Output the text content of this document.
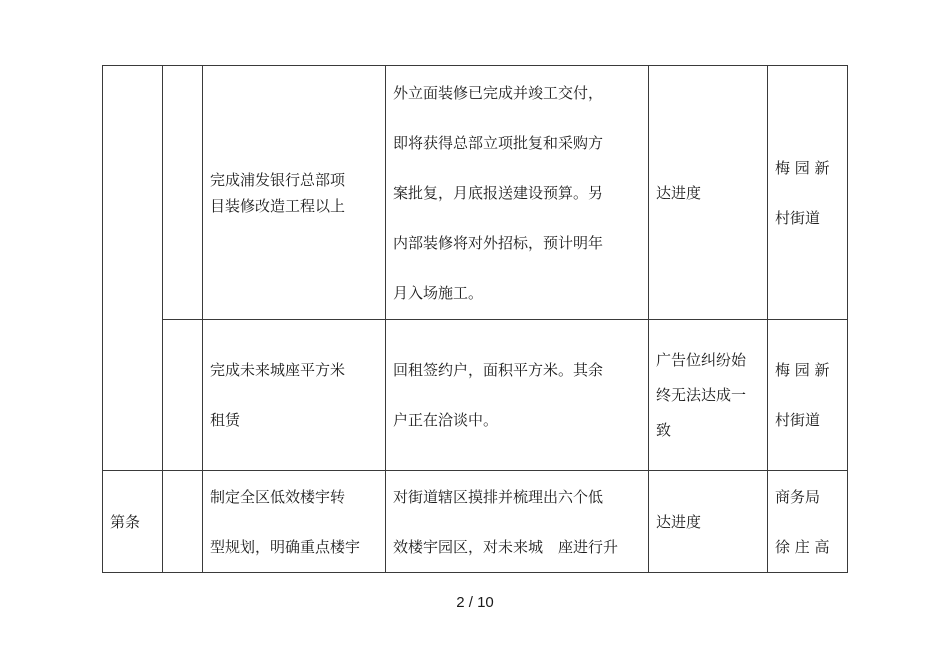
		完成浦发银行总部项
目装修改造工程以上	外立面装修已完成并竣工交付，
即将获得总部立项批复和采购方
案批复，月底报送建设预算。另
内部装修将对外招标，预计明年
月入场施工。	达进度	梅 园 新
村街道

		完成未来城座平方米
租赁	回租签约户，面积平方米。其余
户正在洽谈中。	广告位纠纷始
终无法达成一
致	梅 园 新
村街道

第条		制定全区低效楼宇转
型规划，明确重点楼宇	对街道辖区摸排并梳理出六个低
效楼宇园区，对未来城　座进行升	达进度	商务局
徐 庄 高
2 / 10
